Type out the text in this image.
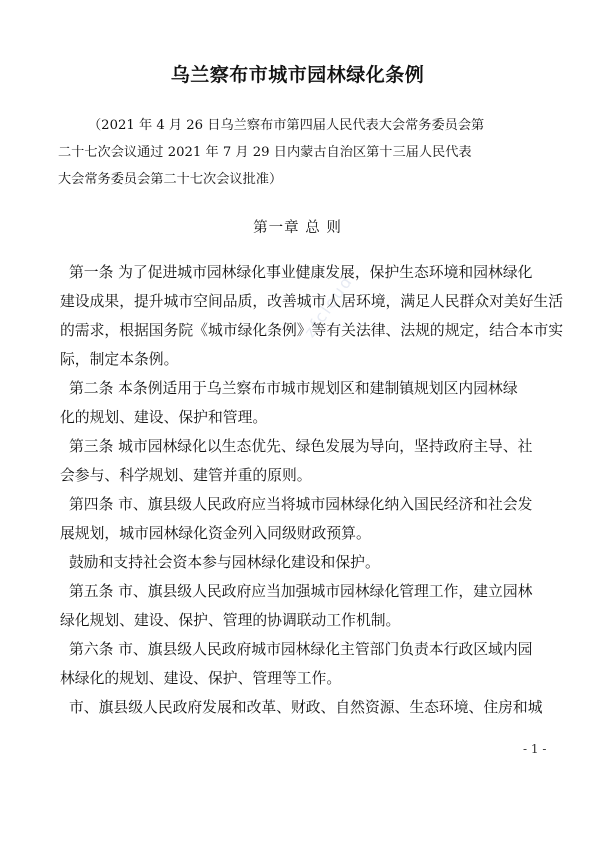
乌兰察布市城市园林绿化条例
（2021 年 4 月 26 日乌兰察布市第四届人民代表大会常务委员会第
二十七次会议通过 2021 年 7 月 29 日内蒙古自治区第十三届人民代表
大会常务委员会第二十七次会议批准）
第一章 总 则
第一条 为了促进城市园林绿化事业健康发展，保护生态环境和园林绿化
建设成果，提升城市空间品质，改善城市人居环境，满足人民群众对美好生活
的需求，根据国务院《城市绿化条例》等有关法律、法规的规定，结合本市实
际，制定本条例。
第二条 本条例适用于乌兰察布市城市规划区和建制镇规划区内园林绿
化的规划、建设、保护和管理。
第三条 城市园林绿化以生态优先、绿色发展为导向，坚持政府主导、社
会参与、科学规划、建管并重的原则。
第四条 市、旗县级人民政府应当将城市园林绿化纳入国民经济和社会发
展规划，城市园林绿化资金列入同级财政预算。
鼓励和支持社会资本参与园林绿化建设和保护。
第五条 市、旗县级人民政府应当加强城市园林绿化管理工作，建立园林
绿化规划、建设、保护、管理的协调联动工作机制。
第六条 市、旗县级人民政府城市园林绿化主管部门负责本行政区域内园
林绿化的规划、建设、保护、管理等工作。
市、旗县级人民政府发展和改革、财政、自然资源、生态环境、住房和城
zfcloud
- 1 -
